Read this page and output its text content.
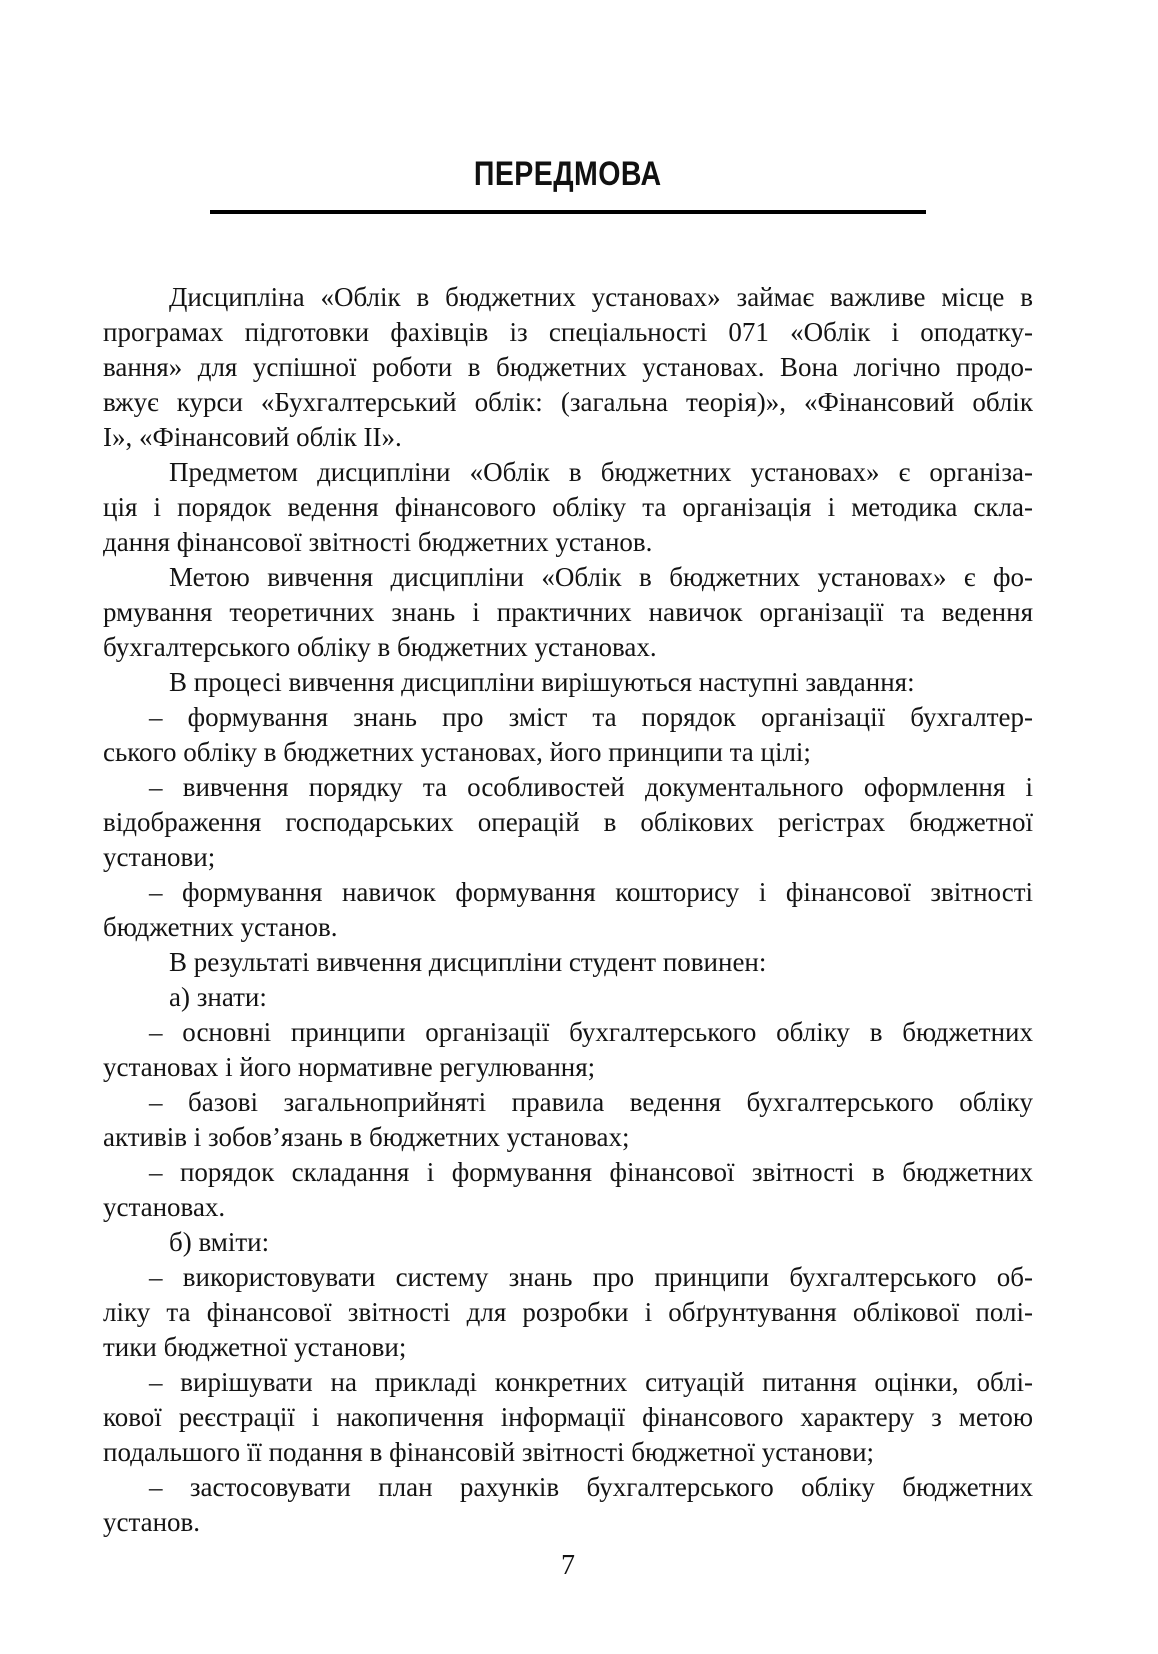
ПЕРЕДМОВА
Дисципліна «Облік в бюджетних установах» займає важливе місце в
програмах підготовки фахівців із спеціальності 071 «Облік і оподатку-
вання» для успішної роботи в бюджетних установах. Вона логічно продо-
вжує курси «Бухгалтерський облік: (загальна теорія)», «Фінансовий облік
І», «Фінансовий облік ІІ».
Предметом дисципліни «Облік в бюджетних установах» є організа-
ція і порядок ведення фінансового обліку та організація і методика скла-
дання фінансової звітності бюджетних установ.
Метою вивчення дисципліни «Облік в бюджетних установах» є фо-
рмування теоретичних знань і практичних навичок організації та ведення
бухгалтерського обліку в бюджетних установах.
В процесі вивчення дисципліни вирішуються наступні завдання:
– формування знань про зміст та порядок організації бухгалтер-
ського обліку в бюджетних установах, його принципи та цілі;
– вивчення порядку та особливостей документального оформлення і
відображення господарських операцій в облікових регістрах бюджетної
установи;
– формування навичок формування кошторису і фінансової звітності
бюджетних установ.
В результаті вивчення дисципліни студент повинен:
а) знати:
– основні принципи організації бухгалтерського обліку в бюджетних
установах і його нормативне регулювання;
– базові загальноприйняті правила ведення бухгалтерського обліку
активів і зобов’язань в бюджетних установах;
– порядок складання і формування фінансової звітності в бюджетних
установах.
б) вміти:
– використовувати систему знань про принципи бухгалтерського об-
ліку та фінансової звітності для розробки і обґрунтування облікової полі-
тики бюджетної установи;
– вирішувати на прикладі конкретних ситуацій питання оцінки, облі-
кової реєстрації і накопичення інформації фінансового характеру з метою
подальшого її подання в фінансовій звітності бюджетної установи;
– застосовувати план рахунків бухгалтерського обліку бюджетних
установ.
7
